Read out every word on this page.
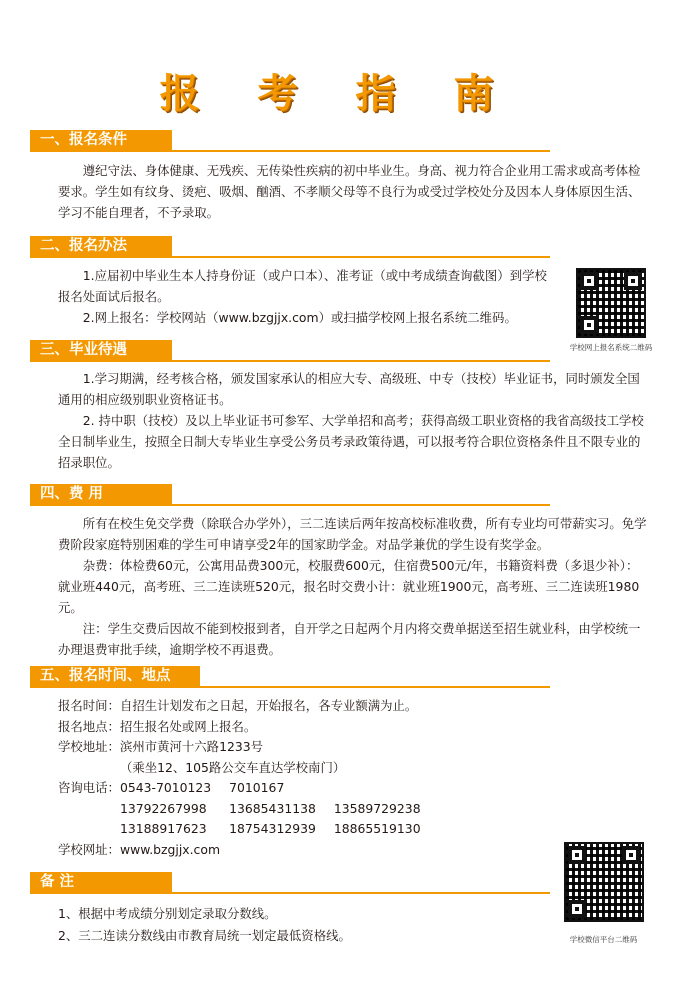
报 考 指 南
一、报名条件
遵纪守法、身体健康、无残疾、无传染性疾病的初中毕业生。身高、视力符合企业用工需求或高考体检要求。学生如有纹身、烫疤、吸烟、酗酒、不孝顺父母等不良行为或受过学校处分及因本人身体原因生活、学习不能自理者，不予录取。
二、报名办法
1.应届初中毕业生本人持身份证（或户口本）、准考证（或中考成绩查询截图）到学校报名处面试后报名。
2.网上报名：学校网站（www.bzgjjx.com）或扫描学校网上报名系统二维码。
学校网上报名系统二维码
三、毕业待遇
1.学习期满，经考核合格，颁发国家承认的相应大专、高级班、中专（技校）毕业证书，同时颁发全国通用的相应级别职业资格证书。
2. 持中职（技校）及以上毕业证书可参军、大学单招和高考；获得高级工职业资格的我省高级技工学校全日制毕业生，按照全日制大专毕业生享受公务员考录政策待遇，可以报考符合职位资格条件且不限专业的招录职位。
四、费 用
所有在校生免交学费（除联合办学外），三二连读后两年按高校标准收费，所有专业均可带薪实习。免学费阶段家庭特别困难的学生可申请享受2年的国家助学金。对品学兼优的学生设有奖学金。
杂费：体检费60元，公寓用品费300元，校服费600元，住宿费500元/年，书籍资料费（多退少补）：就业班440元，高考班、三二连读班520元，报名时交费小计：就业班1900元，高考班、三二连读班1980元。
注：学生交费后因故不能到校报到者，自开学之日起两个月内将交费单据送至招生就业科，由学校统一办理退费审批手续，逾期学校不再退费。
五、报名时间、地点
报名时间：	自招生计划发布之日起，开始报名，各专业额满为止。
报名地点：	招生报名处或网上报名。
学校地址：	滨州市黄河十六路1233号
	（乘坐12、105路公交车直达学校南门）
咨询电话：	0543-7010123	7010167	
13792267998	13685431138	13589729238
13188917623	18754312939	18865519130

学校网址：	www.bzgjjx.com
学校微信平台二维码
备 注
1、根据中考成绩分别划定录取分数线。
2、三二连读分数线由市教育局统一划定最低资格线。
